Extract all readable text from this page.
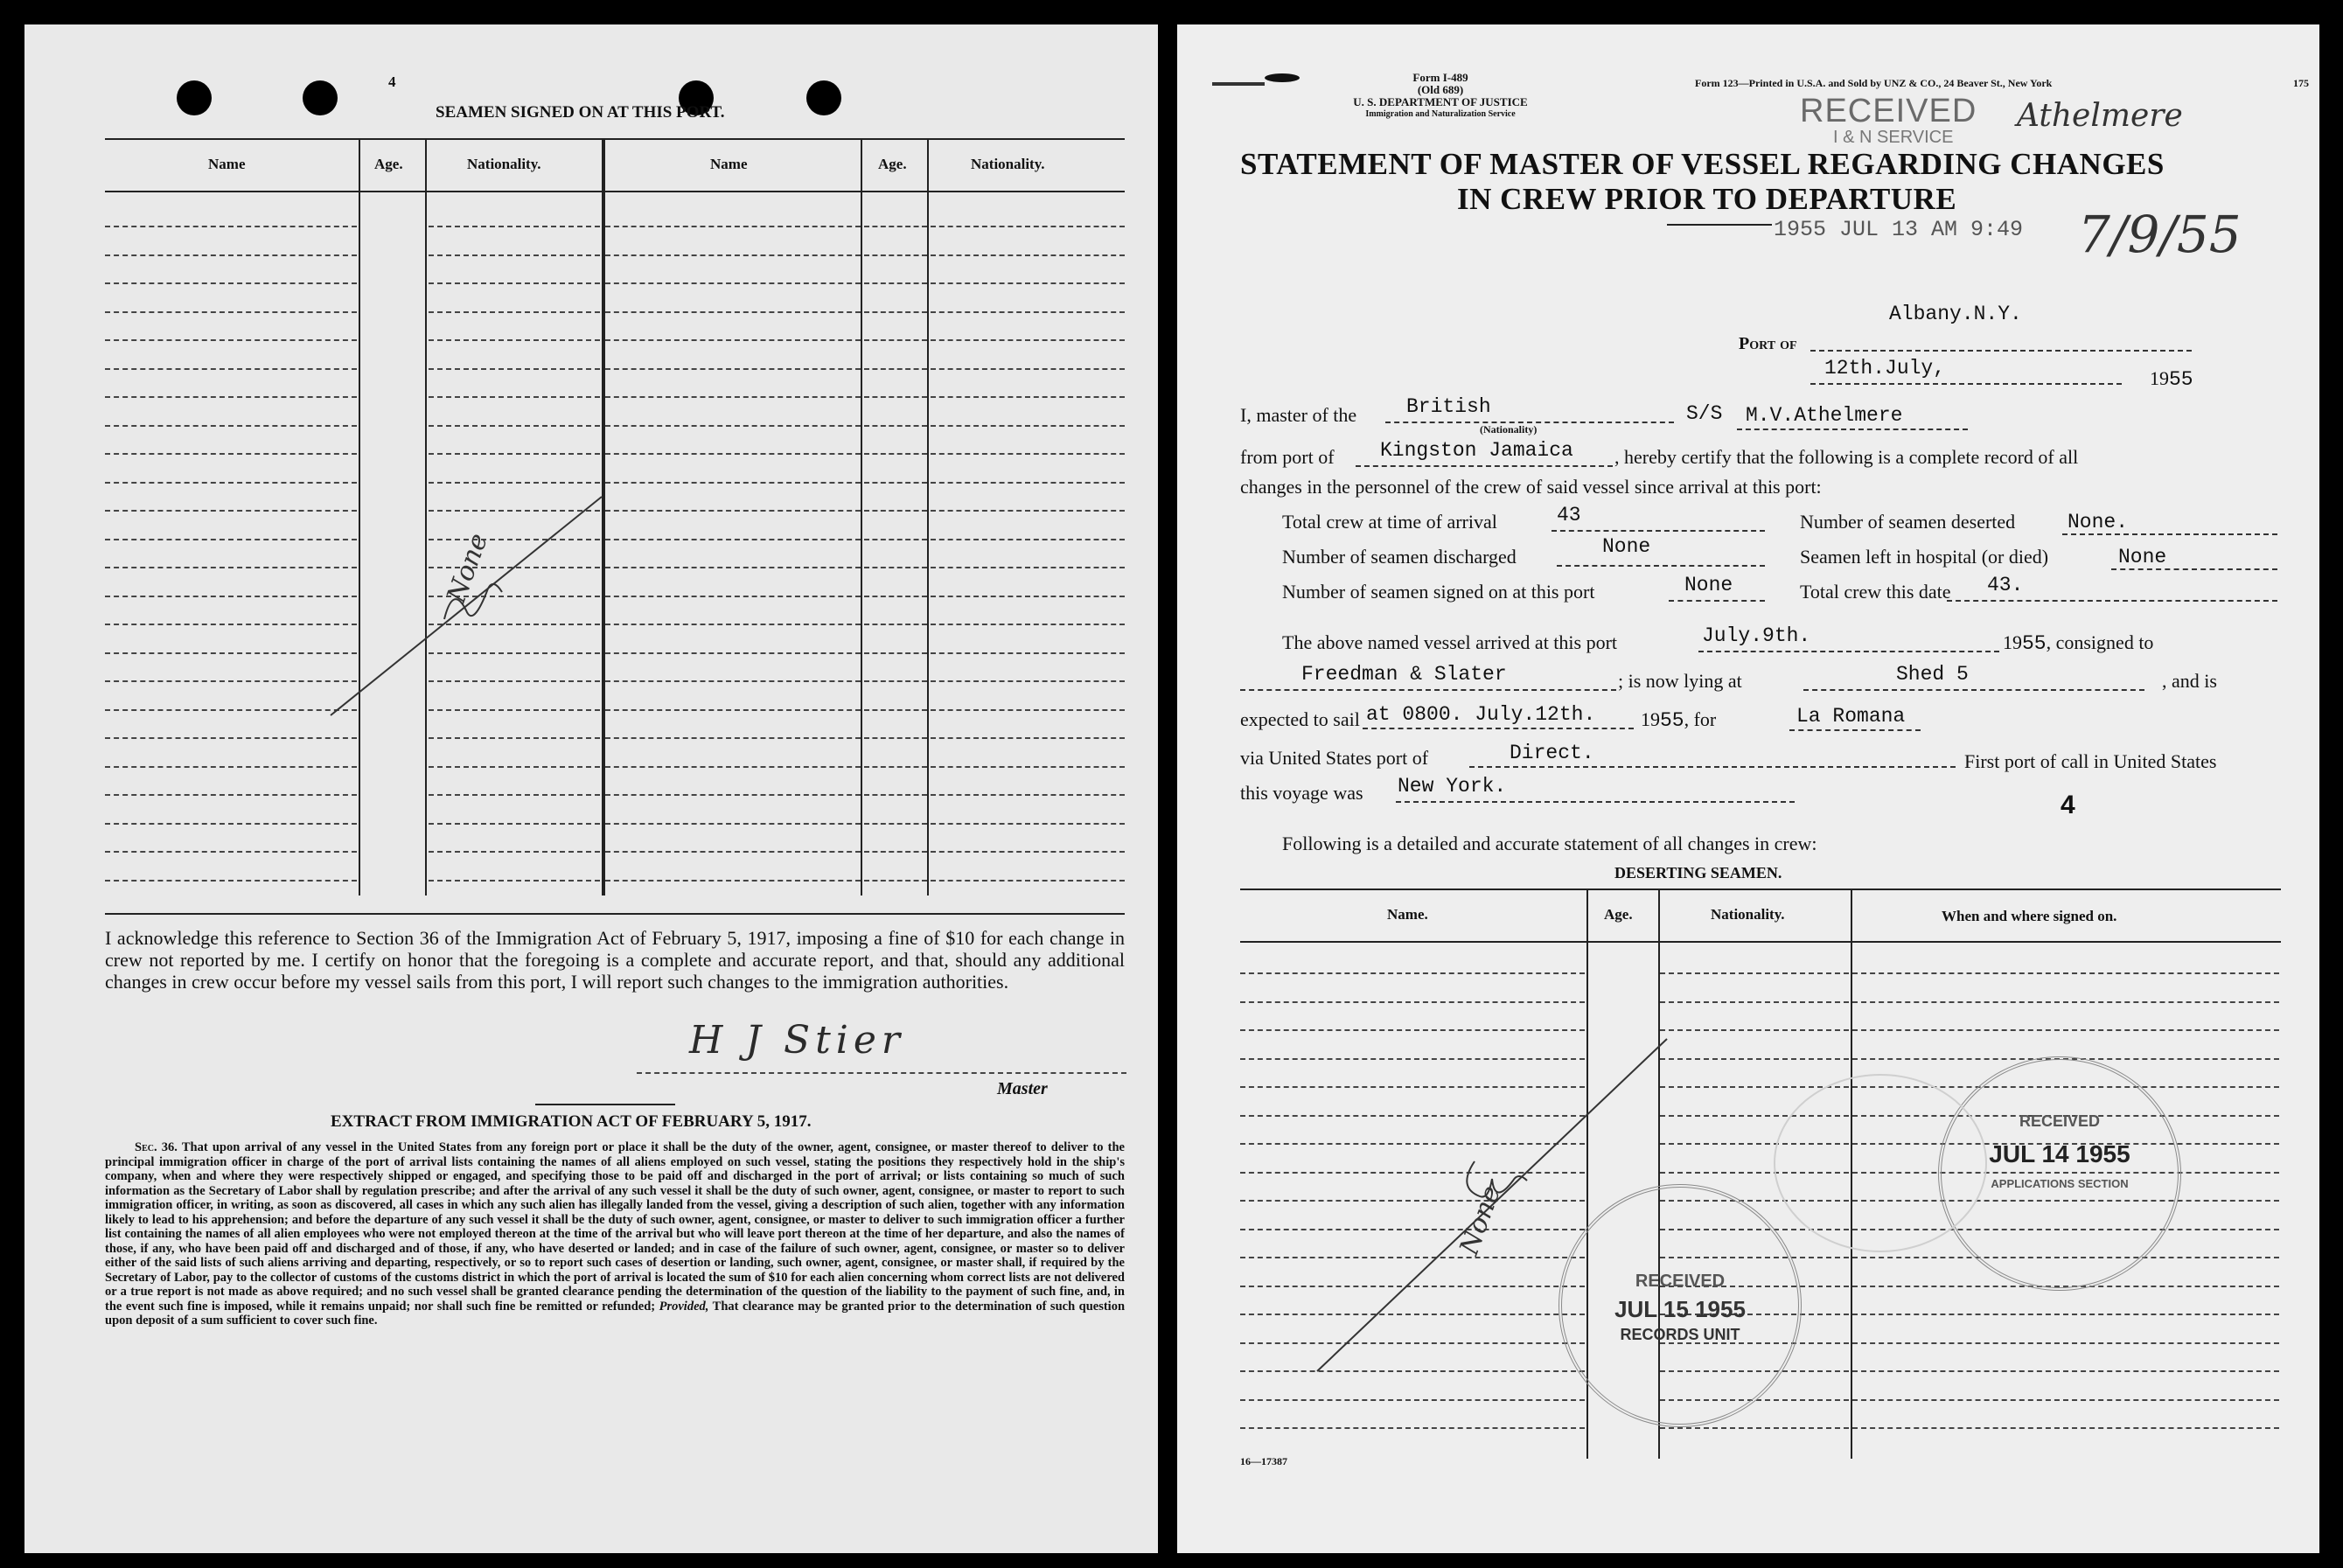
4
SEAMEN SIGNED ON AT THIS PORT.
Name	Age.	Nationality.	Name	Age.	Nationality.
None
I acknowledge this reference to Section 36 of the Immigration Act of February 5, 1917, imposing a fine of $10 for each change in crew not reported by me. I certify on honor that the foregoing is a complete and accurate report, and that, should any additional changes in crew occur before my vessel sails from this port, I will report such changes to the immigration authorities.
H J Stier
Master
EXTRACT FROM IMMIGRATION ACT OF FEBRUARY 5, 1917.
Sec. 36. That upon arrival of any vessel in the United States from any foreign port or place it shall be the duty of the owner, agent, consignee, or master thereof to deliver to the principal immigration officer in charge of the port of arrival lists containing the names of all aliens employed on such vessel, stating the positions they respectively hold in the ship's company, when and where they were respectively shipped or engaged, and specifying those to be paid off and discharged in the port of arrival; or lists containing so much of such information as the Secretary of Labor shall by regulation prescribe; and after the arrival of any such vessel it shall be the duty of such owner, agent, consignee, or master to report to such immigration officer, in writing, as soon as discovered, all cases in which any such alien has illegally landed from the vessel, giving a description of such alien, together with any information likely to lead to his apprehension; and before the departure of any such vessel it shall be the duty of such owner, agent, consignee, or master to deliver to such immigration officer a further list containing the names of all alien employees who were not employed thereon at the time of the arrival but who will leave port thereon at the time of her departure, and also the names of those, if any, who have been paid off and discharged and of those, if any, who have deserted or landed; and in case of the failure of such owner, agent, consignee, or master so to deliver either of the said lists of such aliens arriving and departing, respectively, or so to report such cases of desertion or landing, such owner, agent, consignee, or master shall, if required by the Secretary of Labor, pay to the collector of customs of the customs district in which the port of arrival is located the sum of $10 for each alien concerning whom correct lists are not delivered or a true report is not made as above required; and no such vessel shall be granted clearance pending the determination of the question of the liability to the payment of such fine, and, in the event such fine is imposed, while it remains unpaid; nor shall such fine be remitted or refunded; Provided, That clearance may be granted prior to the determination of such question upon deposit of a sum sufficient to cover such fine.
Form I-489
(Old 689)
U. S. DEPARTMENT OF JUSTICE
Immigration and Naturalization Service
Form 123—Printed in U.S.A. and Sold by UNZ & CO., 24 Beaver St., New York	175
RECEIVED
I & N SERVICE
1955 JUL 13 AM 9:49
Athelmere
7/9/55
STATEMENT OF MASTER OF VESSEL REGARDING CHANGES
IN CREW PRIOR TO DEPARTURE
Albany.N.Y.
Port of
12th.July,	1955
I, master of the British
(Nationality)
S/S M.V.Athelmere
from port of Kingston Jamaica , hereby certify that the following is a complete record of all
changes in the personnel of the crew of said vessel since arrival at this port:
Total crew at time of arrival	43	Number of seamen deserted	None.
Number of seamen discharged	None	Seamen left in hospital (or died)	None
Number of seamen signed on at this port	None	Total crew this date 43.
The above named vessel arrived at this port	July.9th.	1955, consigned to
Freedman & Slater	; is now lying at	Shed 5	, and is
expected to sail at 0800. July.12th. 1955, for	La Romana
via United States port of	Direct.	First port of call in United States
this voyage was New York.
4
Following is a detailed and accurate statement of all changes in crew:
DESERTING SEAMEN.
Name.	Age.	Nationality.	When and where signed on.
None
RECEIVED
JUL 15 1955
RECORDS UNIT
RECEIVED
JUL 14 1955
APPLICATIONS SECTION
16—17387
